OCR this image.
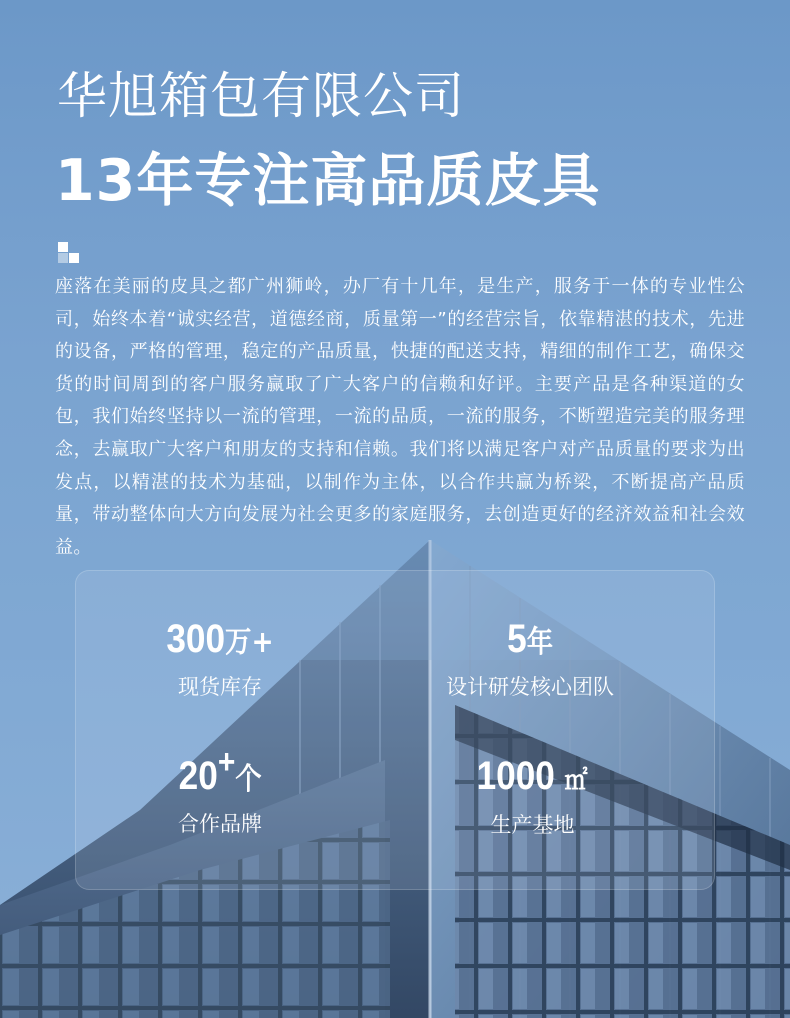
华旭箱包有限公司
13年专注高品质皮具

座落在美丽的皮具之都广州狮岭，办厂有十几年，是生产，服务于一体的专业性公司，始终本着“诚实经营，道德经商，质量第一”的经营宗旨，依靠精湛的技术，先进的设备，严格的管理，稳定的产品质量，快捷的配送支持，精细的制作工艺，确保交货的时间周到的客户服务赢取了广大客户的信赖和好评。主要产品是各种渠道的女包，我们始终坚持以一流的管理，一流的品质，一流的服务，不断塑造完美的服务理念，去赢取广大客户和朋友的支持和信赖。我们将以满足客户对产品质量的要求为出发点，以精湛的技术为基础，以制作为主体，以合作共赢为桥梁，不断提高产品质量，带动整体向大方向发展为社会更多的家庭服务，去创造更好的经济效益和社会效益。

300万+
现货库存
5年
设计研发核心团队
20+个
合作品牌
1000 ㎡
生产基地
